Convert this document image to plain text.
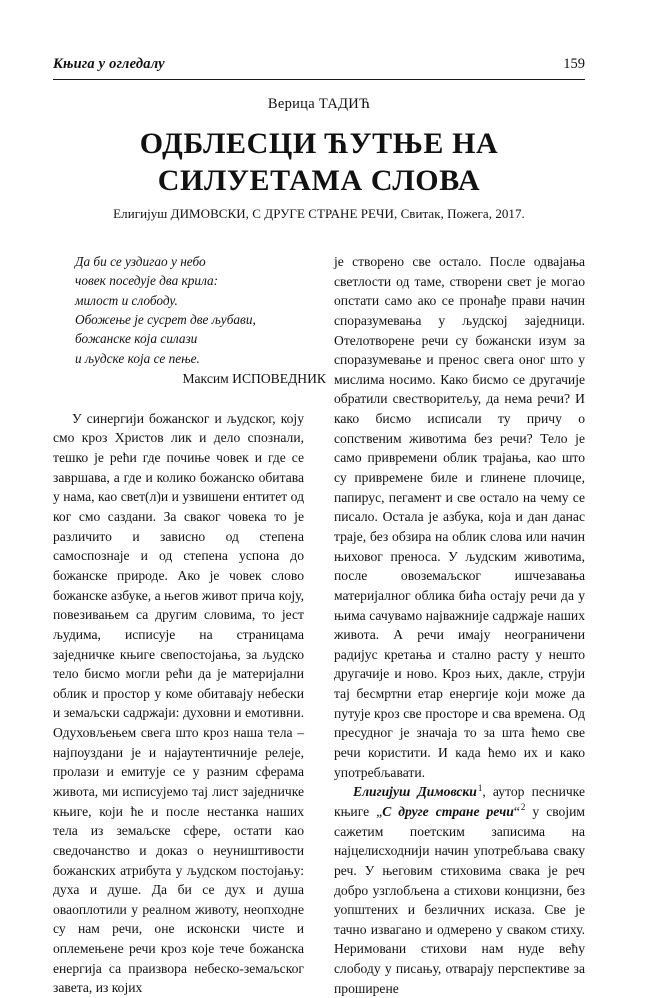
Књига у огледалу	159
Верица ТАДИЋ
ОДБЛЕСЦИ ЋУТЊЕ НА
СИЛУЕТАМА СЛОВА
Елигијуш ДИМОВСКИ, С ДРУГЕ СТРАНЕ РЕЧИ, Свитак, Пожега, 2017.
Да би се уздигао у небо
човек поседује два крила:
милост и слободу.
Обожење је сусрет две љубави,
божанске која силази
и људске која се пење.
Максим ИСПОВЕДНИК

У синергији божанског и људског, коју смо кроз Христов лик и дело спознали, тешко је рећи где почиње човек и где се завршава, а где и колико божанско обитава у нама, као свет(л)и и узвишени ентитет од ког смо саздани. За сваког човека то је различито и зависно од степена самоспознаје и од степена успона до божанске природе. Ако је човек слово божанске азбуке, а његов живот прича коју, повезивањем са другим словима, то јест људима, исписује на страницама заједничке књиге свепостојања, за људско тело бисмо могли рећи да је материјални облик и простор у коме обитавају небески и земаљски садржаји: духовни и емотивни. Одуховљењем свега што кроз наша тела – најпоуздани је и најаутентичније релеје, пролази и емитује се у разним сферама живота, ми исписујемо тај лист заједничке књиге, који ће и после нестанка наших тела из земаљске сфере, остати као сведочанство и доказ о неуништивости божанских атрибута у људском постојању: духа и душе. Да би се дух и душа оваоплотили у реалном животу, неопходне су нам речи, оне исконски чисте и оплемењене речи кроз које тече божанска енергија са праизвора небеско-земаљског завета, из којих

је створено све остало. После одвајања светлости од таме, створени свет је могао опстати само ако се пронађе прави начин споразумевања у људској заједници. Отелотворене речи су божански изум за споразумевање и пренос свега оног што у мислима носимо. Како бисмо се другачије обратили свестворитељу, да нема речи? И како бисмо исписали ту причу о сопственим животима без речи? Тело је само привремени облик трајања, као што су привремене биле и глинене плочице, папирус, пегамент и све остало на чему се писало. Остала је азбука, која и дан данас траје, без обзира на облик слова или начин њиховог преноса. У људским животима, после овоземаљског ишчезавања материјалног облика бића остају речи да у њима сачувамо најважније садржаје наших живота. А речи имају неограничени радијус кретања и стално расту у нешто другачије и ново. Кроз њих, дакле, струји тај бесмртни етар енергије који може да путује кроз све просторе и сва времена. Од пресудног је значаја то за шта ћемо све речи користити. И када ћемо их и како употребљавати.

Елигијуш Димовски$^1$, аутор песничке књиге „С друге стране речи“$^2$ у својим сажетим поетским записима на најцелисходнији начин употребљава сваку реч. У његовим стиховима свака је реч добро узглобљена а стихови концизни, без уопштених и безличних исказа. Све је тачно извагано и одмерено у сваком стиху. Неримовани стихови нам нуде већу слободу у писању, отварају перспективе за проширене
